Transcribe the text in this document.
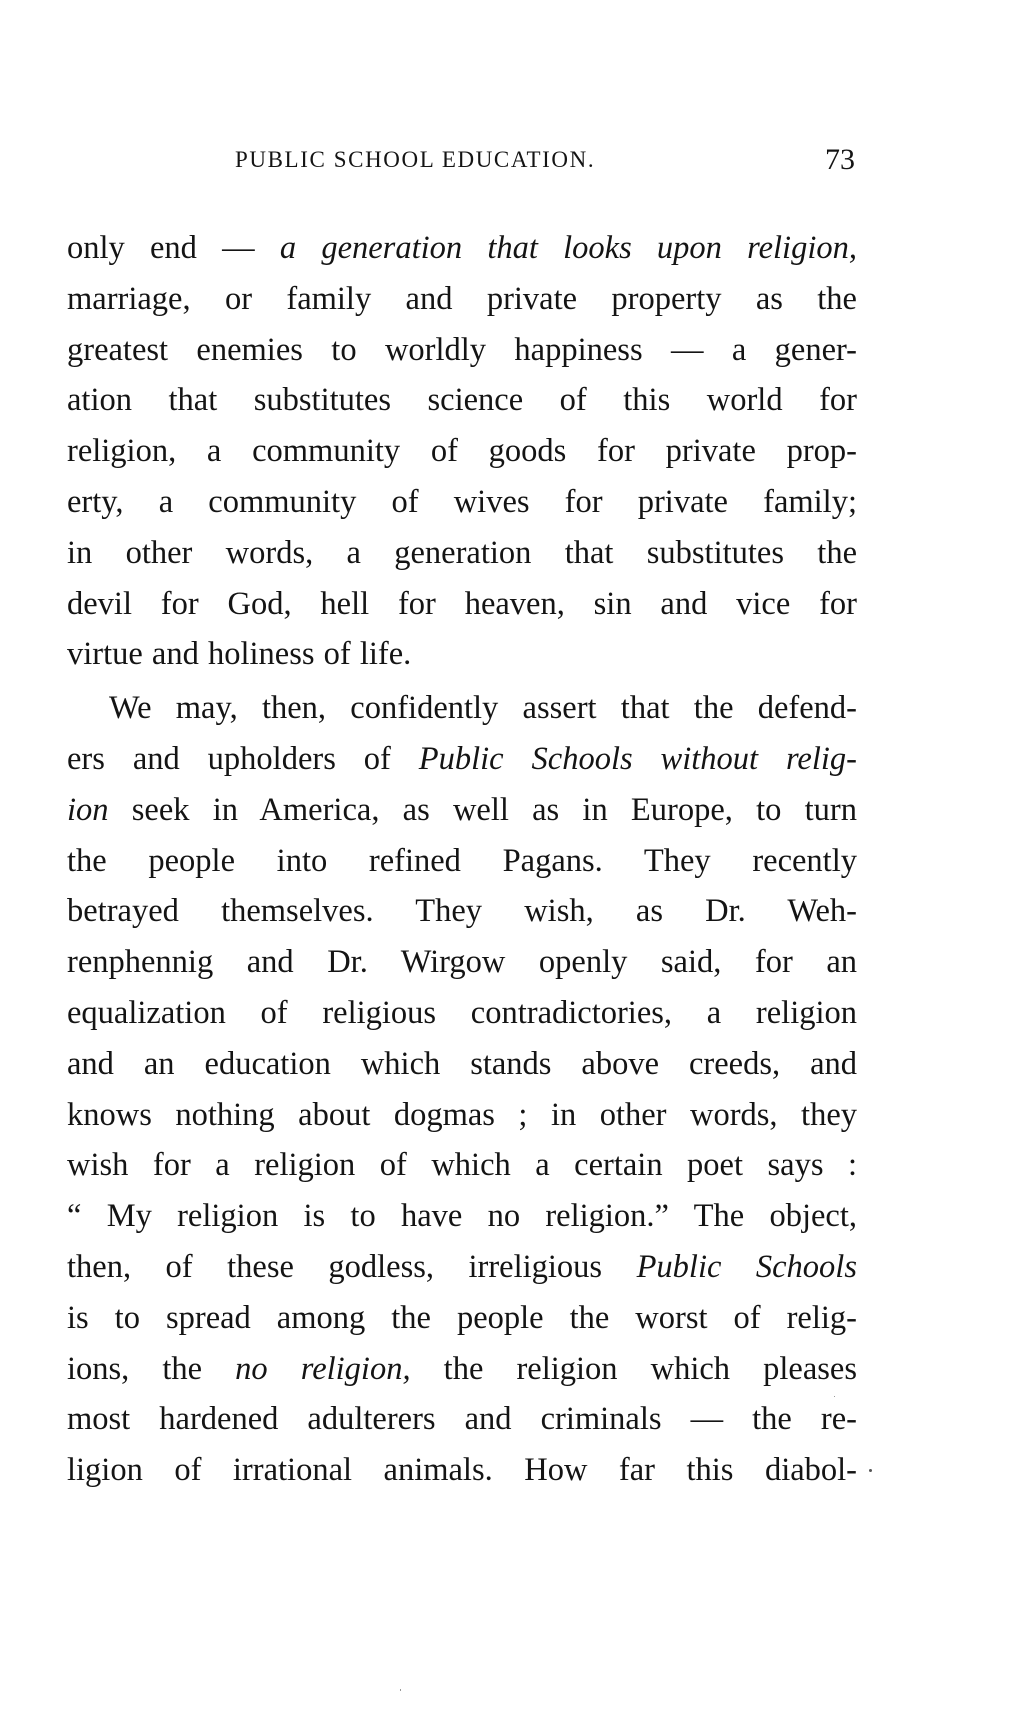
PUBLIC SCHOOL EDUCATION.	73
only end — a generation that looks upon religion,
marriage, or family and private property as the
greatest enemies to worldly happiness — a gener-
ation that substitutes science of this world for
religion, a community of goods for private prop-
erty, a community of wives for private family;
in other words, a generation that substitutes the
devil for God, hell for heaven, sin and vice for
virtue and holiness of life.
We may, then, confidently assert that the defend-
ers and upholders of Public Schools without relig-
ion seek in America, as well as in Europe, to turn
the people into refined Pagans. They recently
betrayed themselves. They wish, as Dr. Weh-
renphennig and Dr. Wirgow openly said, for an
equalization of religious contradictories, a religion
and an education which stands above creeds, and
knows nothing about dogmas ; in other words, they
wish for a religion of which a certain poet says :
“ My religion is to have no religion.” The object,
then, of these godless, irreligious Public Schools
is to spread among the people the worst of relig-
ions, the no religion, the religion which pleases
most hardened adulterers and criminals — the re-
ligion of irrational animals. How far this diabol-
